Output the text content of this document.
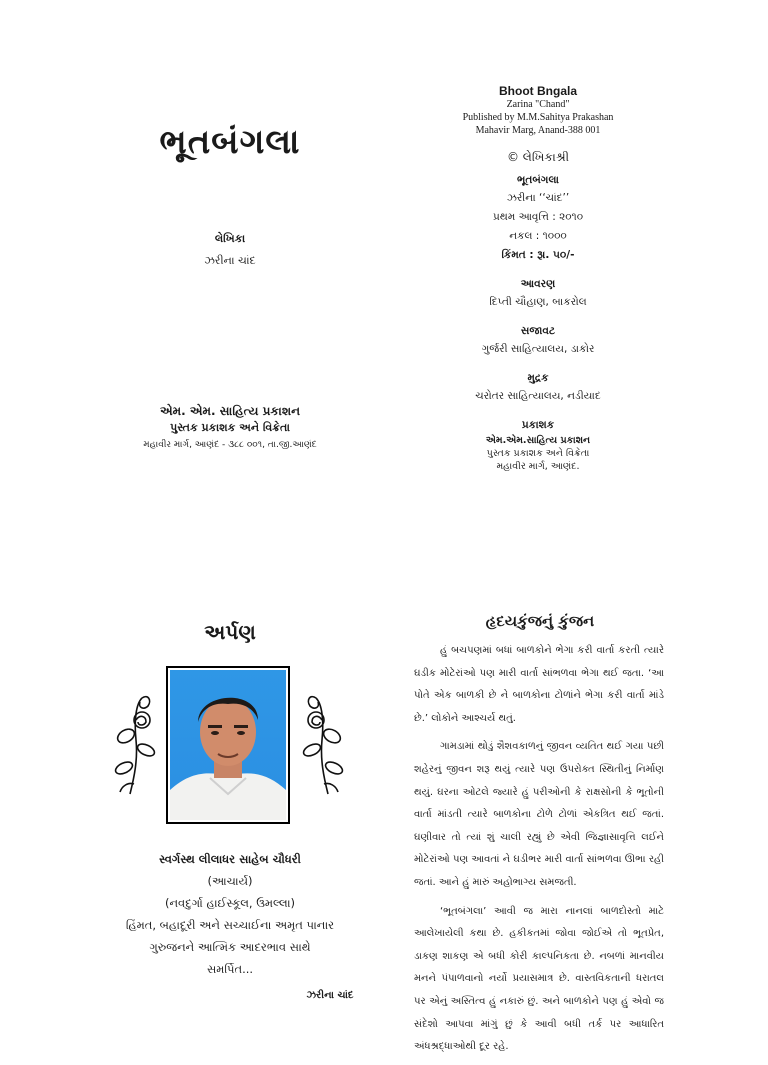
ભૂતબંગલા
લેખિકા
ઝરીના ચાંદ
એમ. એમ. સાહિત્ય પ્રકાશન
પુસ્તક પ્રકાશક અને વિક્રેતા
મહાવીર માર્ગ, આણંદ - ૩૮૮ ૦૦૧, તા.જી.આણંદ
Bhoot Bngala
Zarina "Chand"
Published by M.M.Sahitya Prakashan
Mahavir Marg, Anand-388 001
© લેખિકાશ્રી
ભૂતબંગલા
ઝરીના ‘‘ચાંદ’’
પ્રથમ આવૃત્તિ : ૨૦૧૦
નકલ : ૧૦૦૦
કિંમત : રૂા. ૫૦/-
આવરણ
દિપ્તી ચૌહાણ, બાકરોલ
સજાવટ
ગુર્જરી સાહિત્યાલય, ડાકોર
મુદ્રક
ચરોતર સાહિત્યાલય, નડીયાદ
પ્રકાશક
એમ.એમ.સાહિત્ય પ્રકાશન
પુસ્તક પ્રકાશક અને વિક્રેતા
મહાવીર માર્ગ, આણંદ.
અર્પણ
સ્વર્ગસ્થ લીલાધર સાહેબ ચૌધરી
(આચાર્ય)
(નવદુર્ગા હાઈસ્કૂલ, ઉમલ્લા)
હિંમત, બહાદૂરી અને સચ્ચાઈના અમૃત પાનાર
ગુરુજનને આત્મિક આદરભાવ સાથે
સમર્પિત...
ઝરીના ચાંદ
હૃદયકુંજનું કુંજન

હું બચપણમાં બધાં બાળકોને ભેગા કરી વાર્તા કરતી ત્યારે ઘડીક મોટેરાંઓ પણ મારી વાર્તા સાંભળવા ભેગા થઈ જતા. ‘આ પોતે એક બાળકી છે ને બાળકોના ટોળાંને ભેગા કરી વાર્તા માંડે છે.’ લોકોને આશ્ચર્ય થતું.

ગામડામાં થોડું શૈશવકાળનું જીવન વ્યતિત થઈ ગયા પછી શહેરનું જીવન શરૂ થયું ત્યારે પણ ઉપરોક્ત સ્થિતીનું નિર્માણ થયું. ઘરના ઓટલે જ્યારે હું પરીઓની કે રાક્ષસોની કે ભૂતોની વાર્તા માંડતી ત્યારે બાળકોના ટોળે ટોળાં એકત્રિત થઈ જતાં. ઘણીવાર તો ત્યાં શું ચાલી રહ્યું છે એવી જિજ્ઞાસાવૃત્તિ લઈને મોટેરાંઓ પણ આવતાં ને ઘડીભર મારી વાર્તા સાંભળવા ઊભા રહી જતાં. આને હું મારું અહોભાગ્ય સમજતી.

‘ભૂતબંગલા’ આવી જ મારા નાનલાં બાળદોસ્તો માટે આલેખાયેલી કથા છે. હકીકતમાં જોવા જોઈએ તો ભૂતપ્રેત, ડાકણ શાકણ એ બધી કોરી કાલ્પનિકતા છે. નબળાં માનવીય મનને પંપાળવાનો નર્યો પ્રયાસમાત્ર છે. વાસ્તવિકતાની ધરાતલ પર એનું અસ્તિત્વ હું નકારું છું. અને બાળકોને પણ હું એવો જ સંદેશો આપવા માંગું છું કે આવી બધી તર્ક પર આધારિત અંધશ્રદ્ધાઓથી દૂર રહે.
